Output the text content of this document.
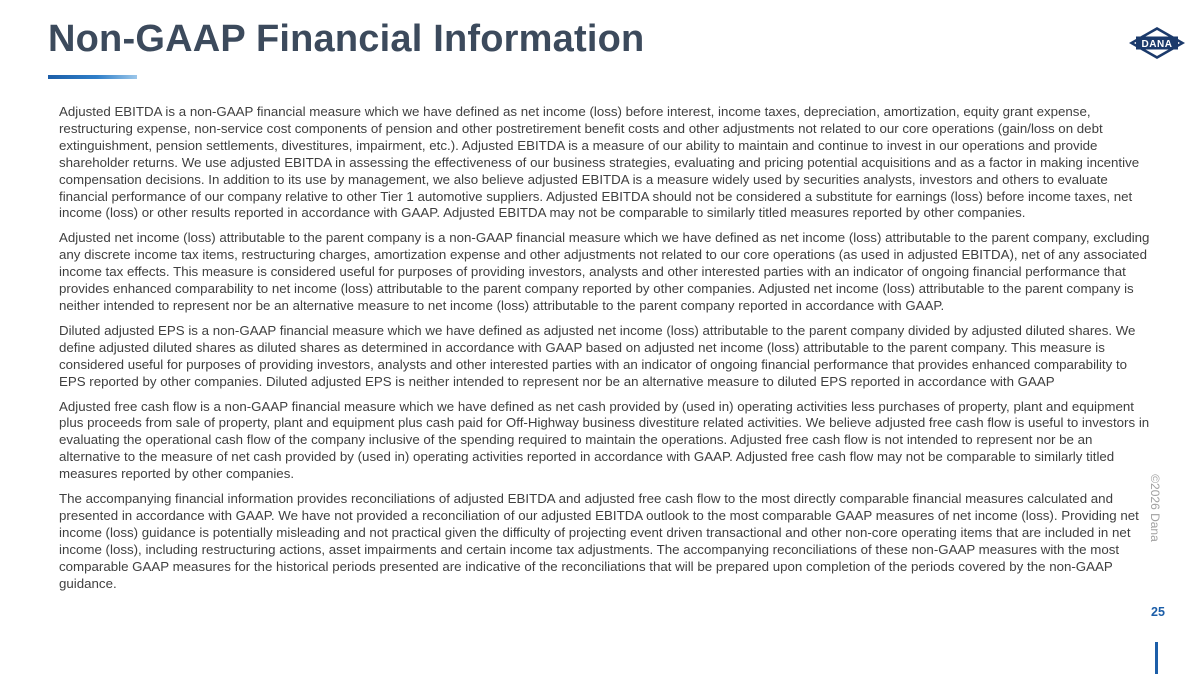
Non-GAAP Financial Information	DANA

Adjusted EBITDA is a non-GAAP financial measure which we have defined as net income (loss) before interest, income taxes, depreciation, amortization, equity grant expense, restructuring expense, non-service cost components of pension and other postretirement benefit costs and other adjustments not related to our core operations (gain/loss on debt extinguishment, pension settlements, divestitures, impairment, etc.). Adjusted EBITDA is a measure of our ability to maintain and continue to invest in our operations and provide shareholder returns. We use adjusted EBITDA in assessing the effectiveness of our business strategies, evaluating and pricing potential acquisitions and as a factor in making incentive compensation decisions. In addition to its use by management, we also believe adjusted EBITDA is a measure widely used by securities analysts, investors and others to evaluate financial performance of our company relative to other Tier 1 automotive suppliers. Adjusted EBITDA should not be considered a substitute for earnings (loss) before income taxes, net income (loss) or other results reported in accordance with GAAP. Adjusted EBITDA may not be comparable to similarly titled measures reported by other companies.

Adjusted net income (loss) attributable to the parent company is a non-GAAP financial measure which we have defined as net income (loss) attributable to the parent company, excluding any discrete income tax items, restructuring charges, amortization expense and other adjustments not related to our core operations (as used in adjusted EBITDA), net of any associated income tax effects. This measure is considered useful for purposes of providing investors, analysts and other interested parties with an indicator of ongoing financial performance that provides enhanced comparability to net income (loss) attributable to the parent company reported by other companies. Adjusted net income (loss) attributable to the parent company is neither intended to represent nor be an alternative measure to net income (loss) attributable to the parent company reported in accordance with GAAP.

Diluted adjusted EPS is a non-GAAP financial measure which we have defined as adjusted net income (loss) attributable to the parent company divided by adjusted diluted shares. We define adjusted diluted shares as diluted shares as determined in accordance with GAAP based on adjusted net income (loss) attributable to the parent company. This measure is considered useful for purposes of providing investors, analysts and other interested parties with an indicator of ongoing financial performance that provides enhanced comparability to EPS reported by other companies. Diluted adjusted EPS is neither intended to represent nor be an alternative measure to diluted EPS reported in accordance with GAAP

Adjusted free cash flow is a non-GAAP financial measure which we have defined as net cash provided by (used in) operating activities less purchases of property, plant and equipment plus proceeds from sale of property, plant and equipment plus cash paid for Off-Highway business divestiture related activities. We believe adjusted free cash flow is useful to investors in evaluating the operational cash flow of the company inclusive of the spending required to maintain the operations. Adjusted free cash flow is not intended to represent nor be an alternative to the measure of net cash provided by (used in) operating activities reported in accordance with GAAP. Adjusted free cash flow may not be comparable to similarly titled measures reported by other companies.

The accompanying financial information provides reconciliations of adjusted EBITDA and adjusted free cash flow to the most directly comparable financial measures calculated and presented in accordance with GAAP. We have not provided a reconciliation of our adjusted EBITDA outlook to the most comparable GAAP measures of net income (loss). Providing net income (loss) guidance is potentially misleading and not practical given the difficulty of projecting event driven transactional and other non-core operating items that are included in net income (loss), including restructuring actions, asset impairments and certain income tax adjustments. The accompanying reconciliations of these non-GAAP measures with the most comparable GAAP measures for the historical periods presented are indicative of the reconciliations that will be prepared upon completion of the periods covered by the non-GAAP guidance.

©2026 Dana
25
